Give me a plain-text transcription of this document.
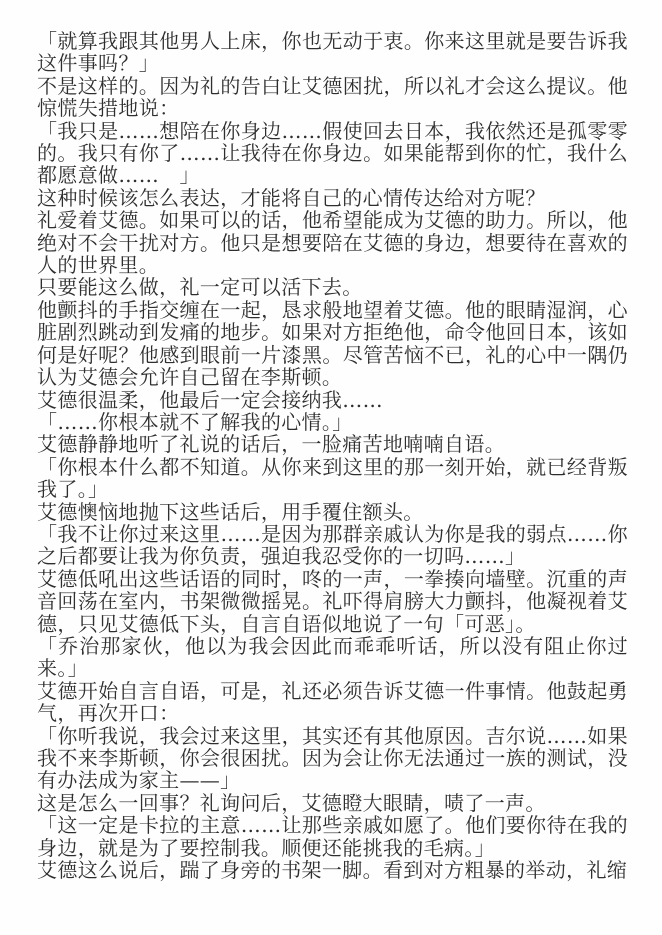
「就算我跟其他男人上床，你也无动于衷。你来这里就是要告诉我这件事吗？」

不是这样的。因为礼的告白让艾德困扰，所以礼才会这么提议。他惊慌失措地说：

「我只是……想陪在你身边……假使回去日本，我依然还是孤零零的。我只有你了……让我待在你身边。如果能帮到你的忙，我什么都愿意做……　」

这种时候该怎么表达，才能将自己的心情传达给对方呢？

礼爱着艾德。如果可以的话，他希望能成为艾德的助力。所以，他绝对不会干扰对方。他只是想要陪在艾德的身边，想要待在喜欢的人的世界里。

只要能这么做，礼一定可以活下去。

他颤抖的手指交缠在一起，恳求般地望着艾德。他的眼睛湿润，心脏剧烈跳动到发痛的地步。如果对方拒绝他，命令他回日本，该如何是好呢？他感到眼前一片漆黑。尽管苦恼不已，礼的心中一隅仍认为艾德会允许自己留在李斯顿。

艾德很温柔，他最后一定会接纳我……

「……你根本就不了解我的心情。」

艾德静静地听了礼说的话后，一脸痛苦地喃喃自语。

「你根本什么都不知道。从你来到这里的那一刻开始，就已经背叛我了。」

艾德懊恼地抛下这些话后，用手覆住额头。

「我不让你过来这里……是因为那群亲戚认为你是我的弱点……你之后都要让我为你负责，强迫我忍受你的一切吗……」

艾德低吼出这些话语的同时，咚的一声，一拳揍向墙壁。沉重的声音回荡在室内，书架微微摇晃。礼吓得肩膀大力颤抖，他凝视着艾德，只见艾德低下头，自言自语似地说了一句「可恶」。

「乔治那家伙，他以为我会因此而乖乖听话，所以没有阻止你过来。」

艾德开始自言自语，可是，礼还必须告诉艾德一件事情。他鼓起勇气，再次开口：

「你听我说，我会过来这里，其实还有其他原因。吉尔说……如果我不来李斯顿，你会很困扰。因为会让你无法通过一族的测试，没有办法成为家主——」

这是怎么一回事？礼询问后，艾德瞪大眼睛，啧了一声。

「这一定是卡拉的主意……让那些亲戚如愿了。他们要你待在我的身边，就是为了要控制我。顺便还能挑我的毛病。」

艾德这么说后，踹了身旁的书架一脚。看到对方粗暴的举动，礼缩
